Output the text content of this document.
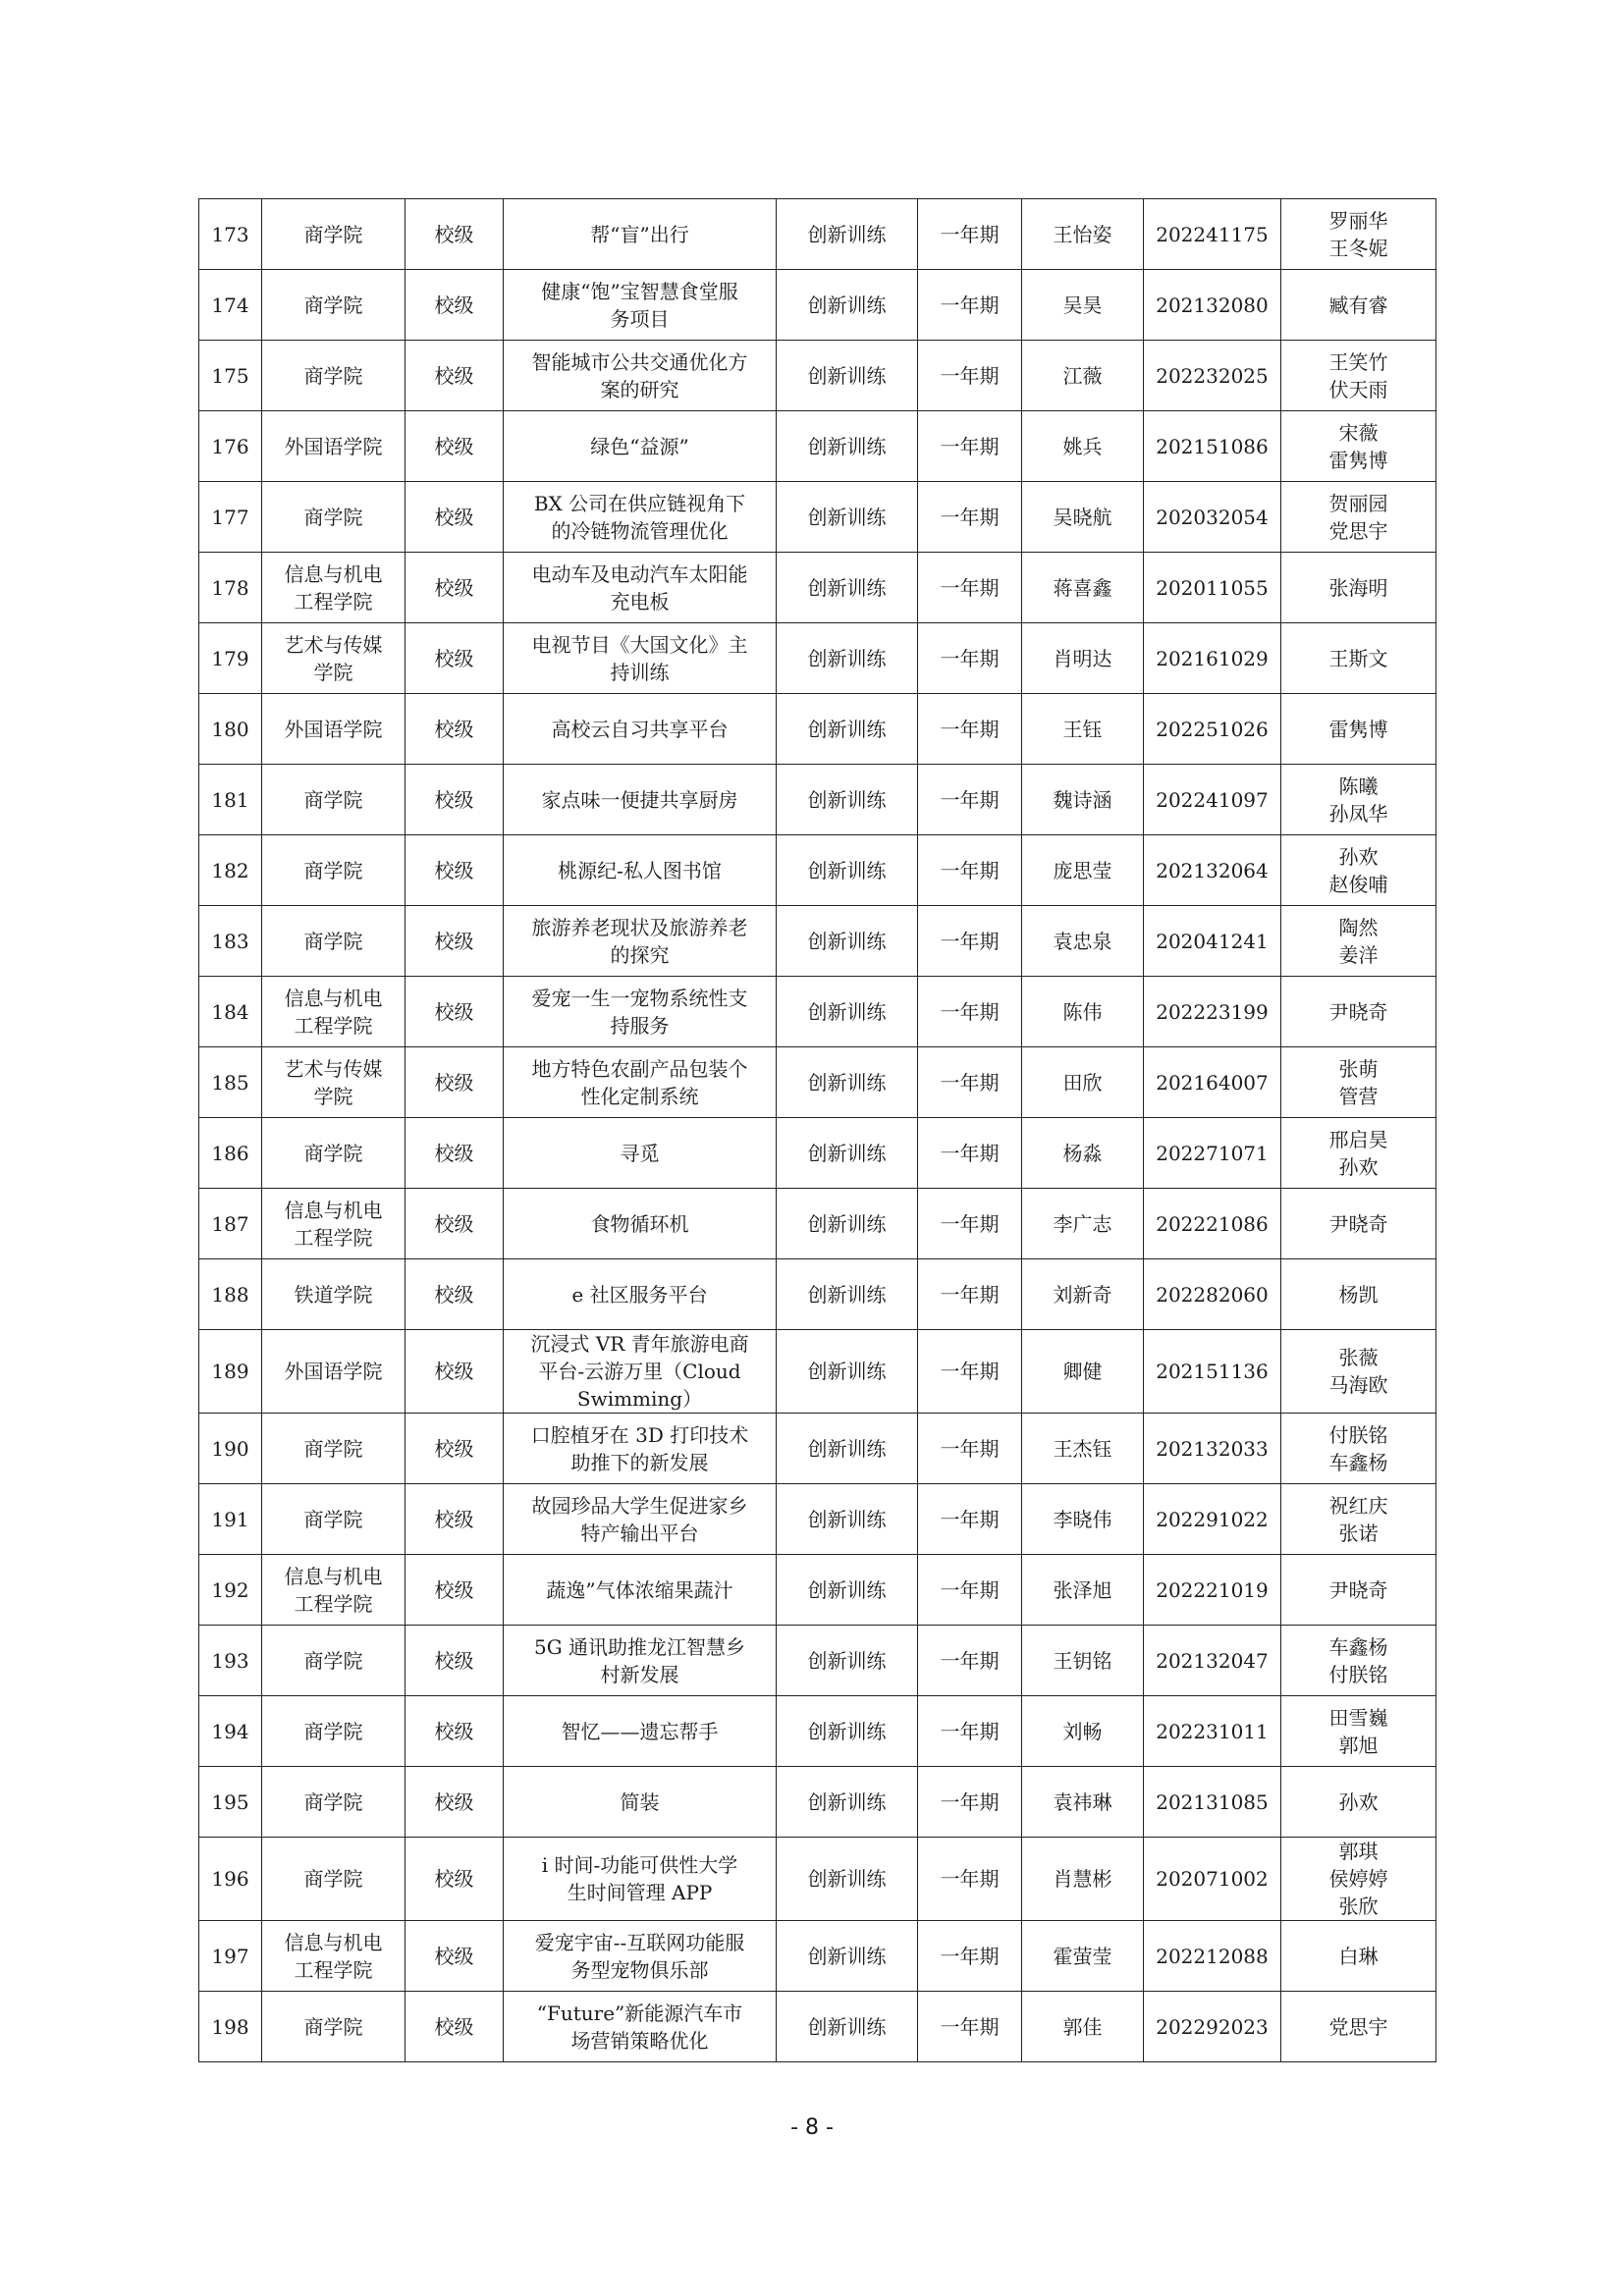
173	商学院	校级	帮“盲”出行	创新训练	一年期	王怡姿	202241175	罗丽华
王冬妮

174	商学院	校级	健康“饱”宝智慧食堂服
务项目	创新训练	一年期	吴昊	202132080	臧有睿

175	商学院	校级	智能城市公共交通优化方
案的研究	创新训练	一年期	江薇	202232025	王笑竹
伏天雨

176	外国语学院	校级	绿色“益源”	创新训练	一年期	姚兵	202151086	宋薇
雷隽博

177	商学院	校级	BX 公司在供应链视角下
的冷链物流管理优化	创新训练	一年期	吴晓航	202032054	贺丽园
党思宇

178	信息与机电
工程学院	校级	电动车及电动汽车太阳能
充电板	创新训练	一年期	蒋喜鑫	202011055	张海明

179	艺术与传媒
学院	校级	电视节目《大国文化》主
持训练	创新训练	一年期	肖明达	202161029	王斯文

180	外国语学院	校级	高校云自习共享平台	创新训练	一年期	王钰	202251026	雷隽博

181	商学院	校级	家点味一便捷共享厨房	创新训练	一年期	魏诗涵	202241097	陈曦
孙凤华

182	商学院	校级	桃源纪-私人图书馆	创新训练	一年期	庞思莹	202132064	孙欢
赵俊哺

183	商学院	校级	旅游养老现状及旅游养老
的探究	创新训练	一年期	袁忠泉	202041241	陶然
姜洋

184	信息与机电
工程学院	校级	爱宠一生一宠物系统性支
持服务	创新训练	一年期	陈伟	202223199	尹晓奇

185	艺术与传媒
学院	校级	地方特色农副产品包装个
性化定制系统	创新训练	一年期	田欣	202164007	张萌
管营

186	商学院	校级	寻觅	创新训练	一年期	杨淼	202271071	邢启昊
孙欢

187	信息与机电
工程学院	校级	食物循环机	创新训练	一年期	李广志	202221086	尹晓奇

188	铁道学院	校级	e 社区服务平台	创新训练	一年期	刘新奇	202282060	杨凯

189	外国语学院	校级	沉浸式 VR 青年旅游电商
平台-云游万里（Cloud
Swimming）	创新训练	一年期	卿健	202151136	张薇
马海欧

190	商学院	校级	口腔植牙在 3D 打印技术
助推下的新发展	创新训练	一年期	王杰钰	202132033	付朕铭
车鑫杨

191	商学院	校级	故园珍品大学生促进家乡
特产输出平台	创新训练	一年期	李晓伟	202291022	祝红庆
张诺

192	信息与机电
工程学院	校级	蔬逸”气体浓缩果蔬汁	创新训练	一年期	张泽旭	202221019	尹晓奇

193	商学院	校级	5G 通讯助推龙江智慧乡
村新发展	创新训练	一年期	王钥铭	202132047	车鑫杨
付朕铭

194	商学院	校级	智忆——遗忘帮手	创新训练	一年期	刘畅	202231011	田雪巍
郭旭

195	商学院	校级	简装	创新训练	一年期	袁祎琳	202131085	孙欢

196	商学院	校级	i 时间-功能可供性大学
生时间管理 APP	创新训练	一年期	肖慧彬	202071002	郭琪
侯婷婷
张欣

197	信息与机电
工程学院	校级	爱宠宇宙--互联网功能服
务型宠物俱乐部	创新训练	一年期	霍萤莹	202212088	白琳

198	商学院	校级	“Future”新能源汽车市
场营销策略优化	创新训练	一年期	郭佳	202292023	党思宇
- 8 -
